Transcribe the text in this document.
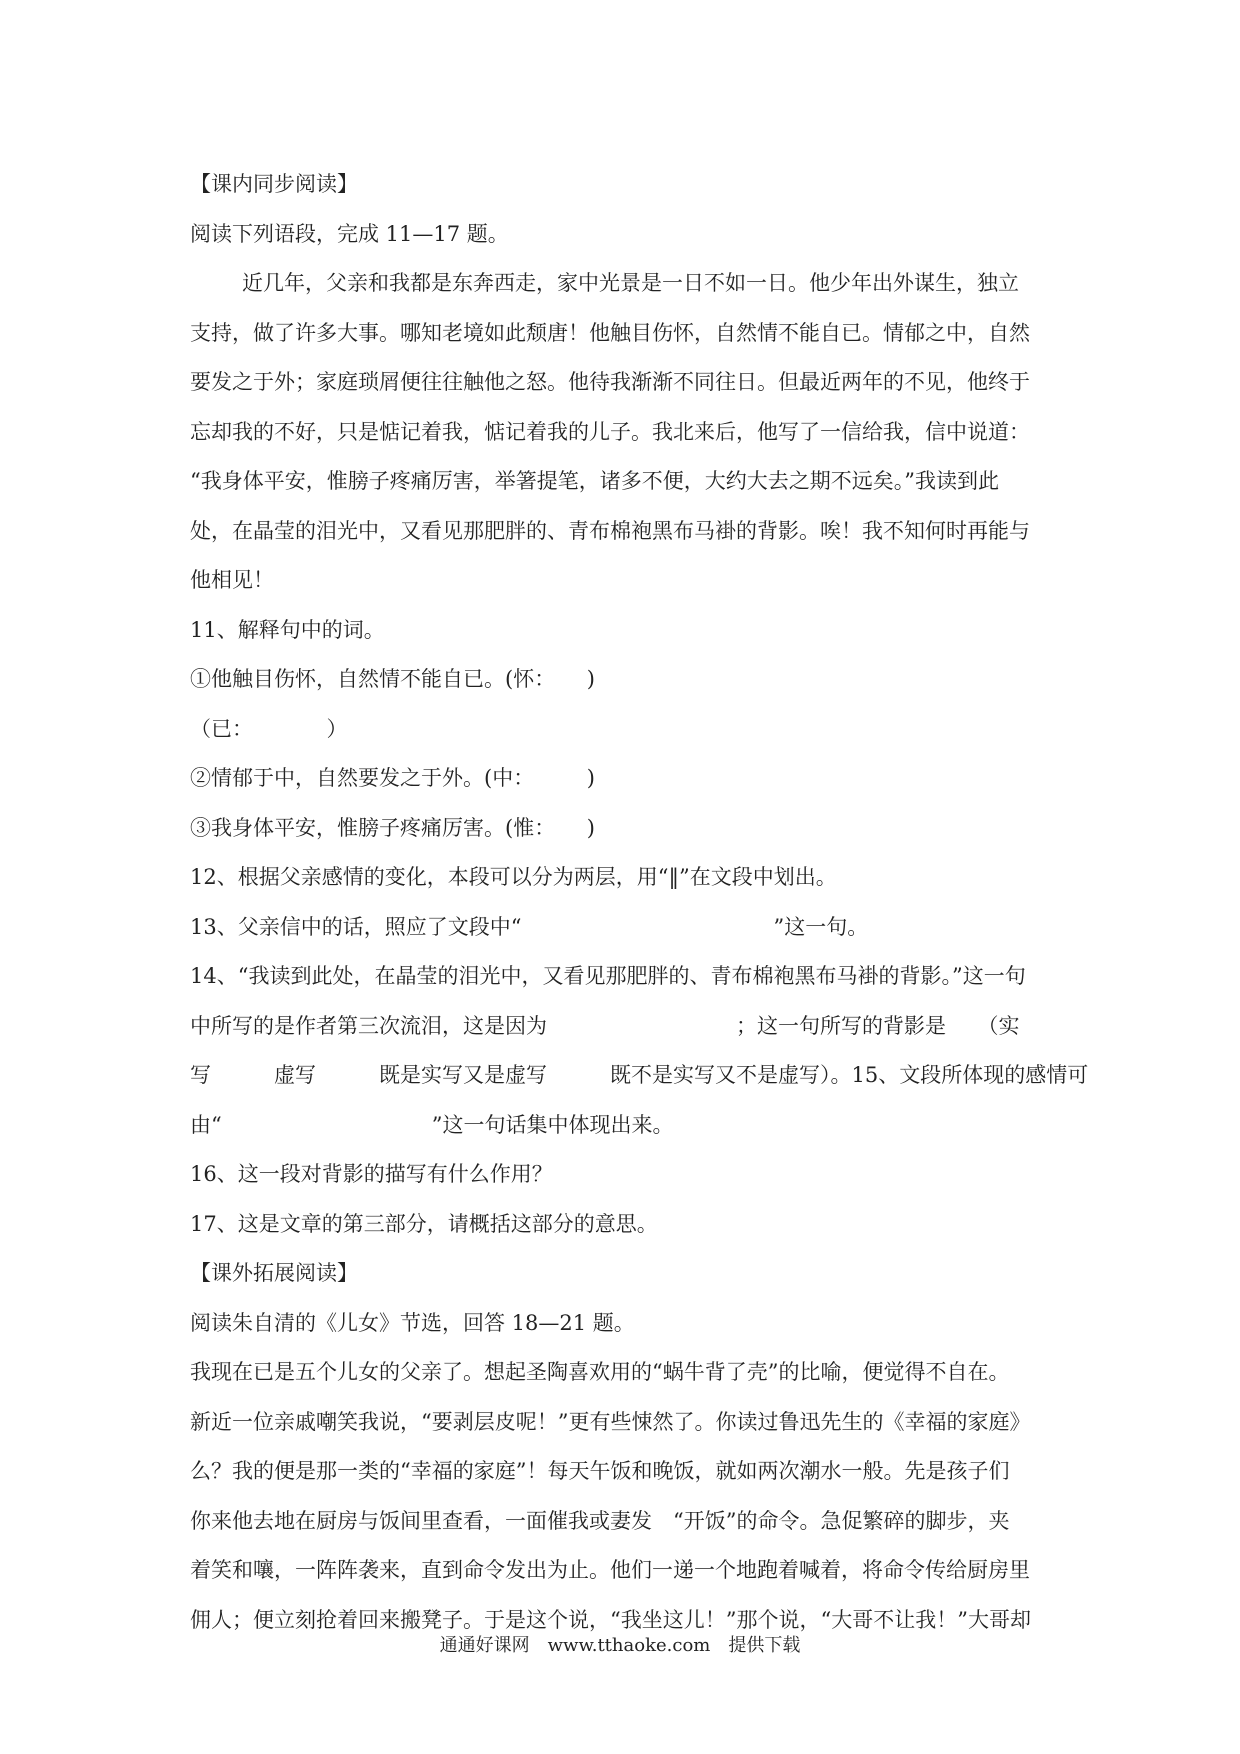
【课内同步阅读】

阅读下列语段，完成 11—17 题。

近几年，父亲和我都是东奔西走，家中光景是一日不如一日。他少年出外谋生，独立

支持，做了许多大事。哪知老境如此颓唐！他触目伤怀，自然情不能自已。情郁之中，自然

要发之于外；家庭琐屑便往往触他之怒。他待我渐渐不同往日。但最近两年的不见，他终于

忘却我的不好，只是惦记着我，惦记着我的儿子。我北来后，他写了一信给我，信中说道：

“我身体平安，惟膀子疼痛厉害，举箸提笔，诸多不便，大约大去之期不远矣。”我读到此

处，在晶莹的泪光中，又看见那肥胖的、青布棉袍黑布马褂的背影。唉！我不知何时再能与

他相见！

11、解释句中的词。

①他触目伤怀，自然情不能自已。(怀：　　)

（已：　　　　）

②情郁于中，自然要发之于外。(中：　　　)

③我身体平安，惟膀子疼痛厉害。(惟：　　)

12、根据父亲感情的变化，本段可以分为两层，用“‖”在文段中划出。

13、父亲信中的话，照应了文段中“　　　　　　　　　　　　”这一句。

14、“我读到此处，在晶莹的泪光中，又看见那肥胖的、青布棉袍黑布马褂的背影。”这一句

中所写的是作者第三次流泪，这是因为　　　　　　　　　；这一句所写的背影是　　（实

写　　　虚写　　　既是实写又是虚写　　　既不是实写又不是虚写）。15、文段所体现的感情可

由“　　　　　　　　　　”这一句话集中体现出来。

16、这一段对背影的描写有什么作用？

17、这是文章的第三部分，请概括这部分的意思。

【课外拓展阅读】

阅读朱自清的《儿女》节选，回答 18—21 题。

我现在已是五个儿女的父亲了。想起圣陶喜欢用的“蜗牛背了壳”的比喻，便觉得不自在。

新近一位亲戚嘲笑我说，“要剥层皮呢！”更有些悚然了。你读过鲁迅先生的《幸福的家庭》

么？我的便是那一类的“幸福的家庭”！每天午饭和晚饭，就如两次潮水一般。先是孩子们

你来他去地在厨房与饭间里查看，一面催我或妻发　“开饭”的命令。急促繁碎的脚步，夹

着笑和嚷，一阵阵袭来，直到命令发出为止。他们一递一个地跑着喊着，将命令传给厨房里

佣人；便立刻抢着回来搬凳子。于是这个说，“我坐这儿！”那个说，“大哥不让我！”大哥却

通通好课网　www.tthaoke.com　提供下载
